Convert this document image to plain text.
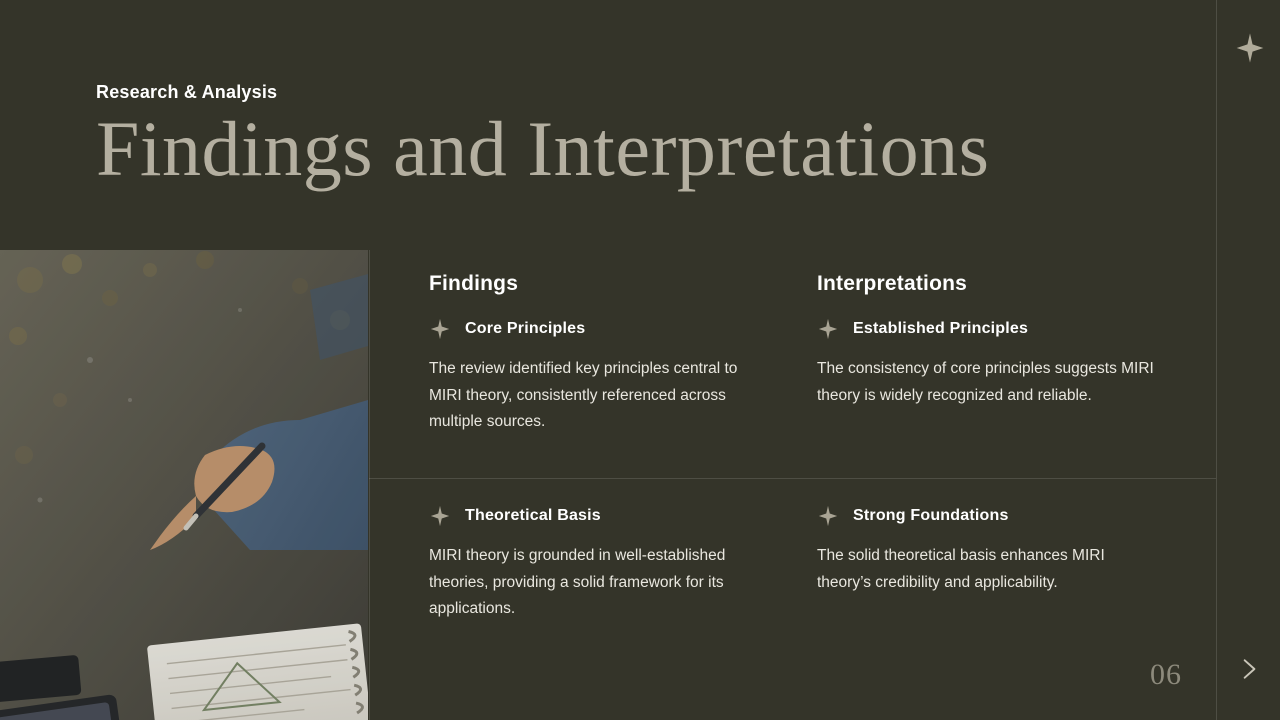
Research & Analysis
Findings and Interpretations
Findings
Core Principles
The review identified key principles central to MIRI theory, consistently referenced across multiple sources.
Interpretations
Established Principles
The consistency of core principles suggests MIRI theory is widely recognized and reliable.
Theoretical Basis
MIRI theory is grounded in well-established theories, providing a solid framework for its applications.
Strong Foundations
The solid theoretical basis enhances MIRI theory’s credibility and applicability.
06
